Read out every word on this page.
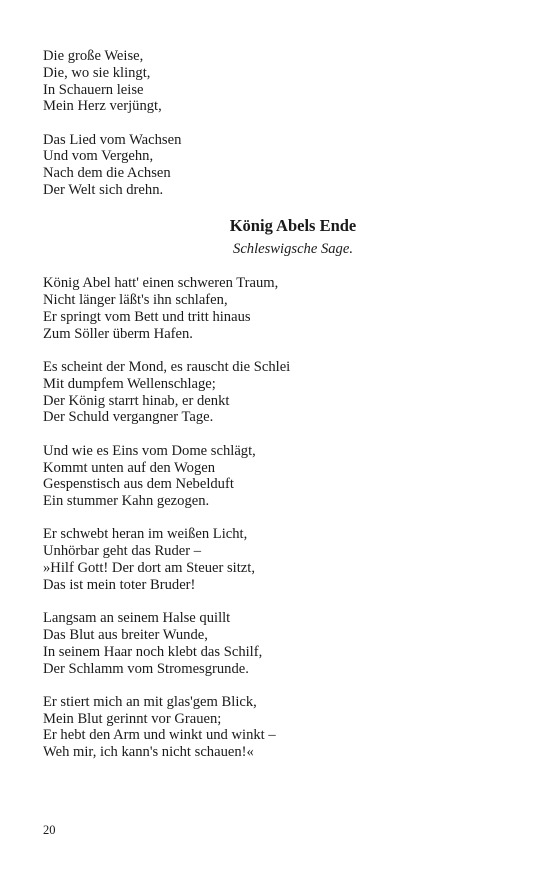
Die große Weise,
Die, wo sie klingt,
In Schauern leise
Mein Herz verjüngt,
Das Lied vom Wachsen
Und vom Vergehn,
Nach dem die Achsen
Der Welt sich drehn.
König Abels Ende
Schleswigsche Sage.
König Abel hatt' einen schweren Traum,
Nicht länger läßt's ihn schlafen,
Er springt vom Bett und tritt hinaus
Zum Söller überm Hafen.
Es scheint der Mond, es rauscht die Schlei
Mit dumpfem Wellenschlage;
Der König starrt hinab, er denkt
Der Schuld vergangner Tage.
Und wie es Eins vom Dome schlägt,
Kommt unten auf den Wogen
Gespenstisch aus dem Nebelduft
Ein stummer Kahn gezogen.
Er schwebt heran im weißen Licht,
Unhörbar geht das Ruder –
»Hilf Gott! Der dort am Steuer sitzt,
Das ist mein toter Bruder!
Langsam an seinem Halse quillt
Das Blut aus breiter Wunde,
In seinem Haar noch klebt das Schilf,
Der Schlamm vom Stromesgrunde.
Er stiert mich an mit glas'gem Blick,
Mein Blut gerinnt vor Grauen;
Er hebt den Arm und winkt und winkt –
Weh mir, ich kann's nicht schauen!«
20
